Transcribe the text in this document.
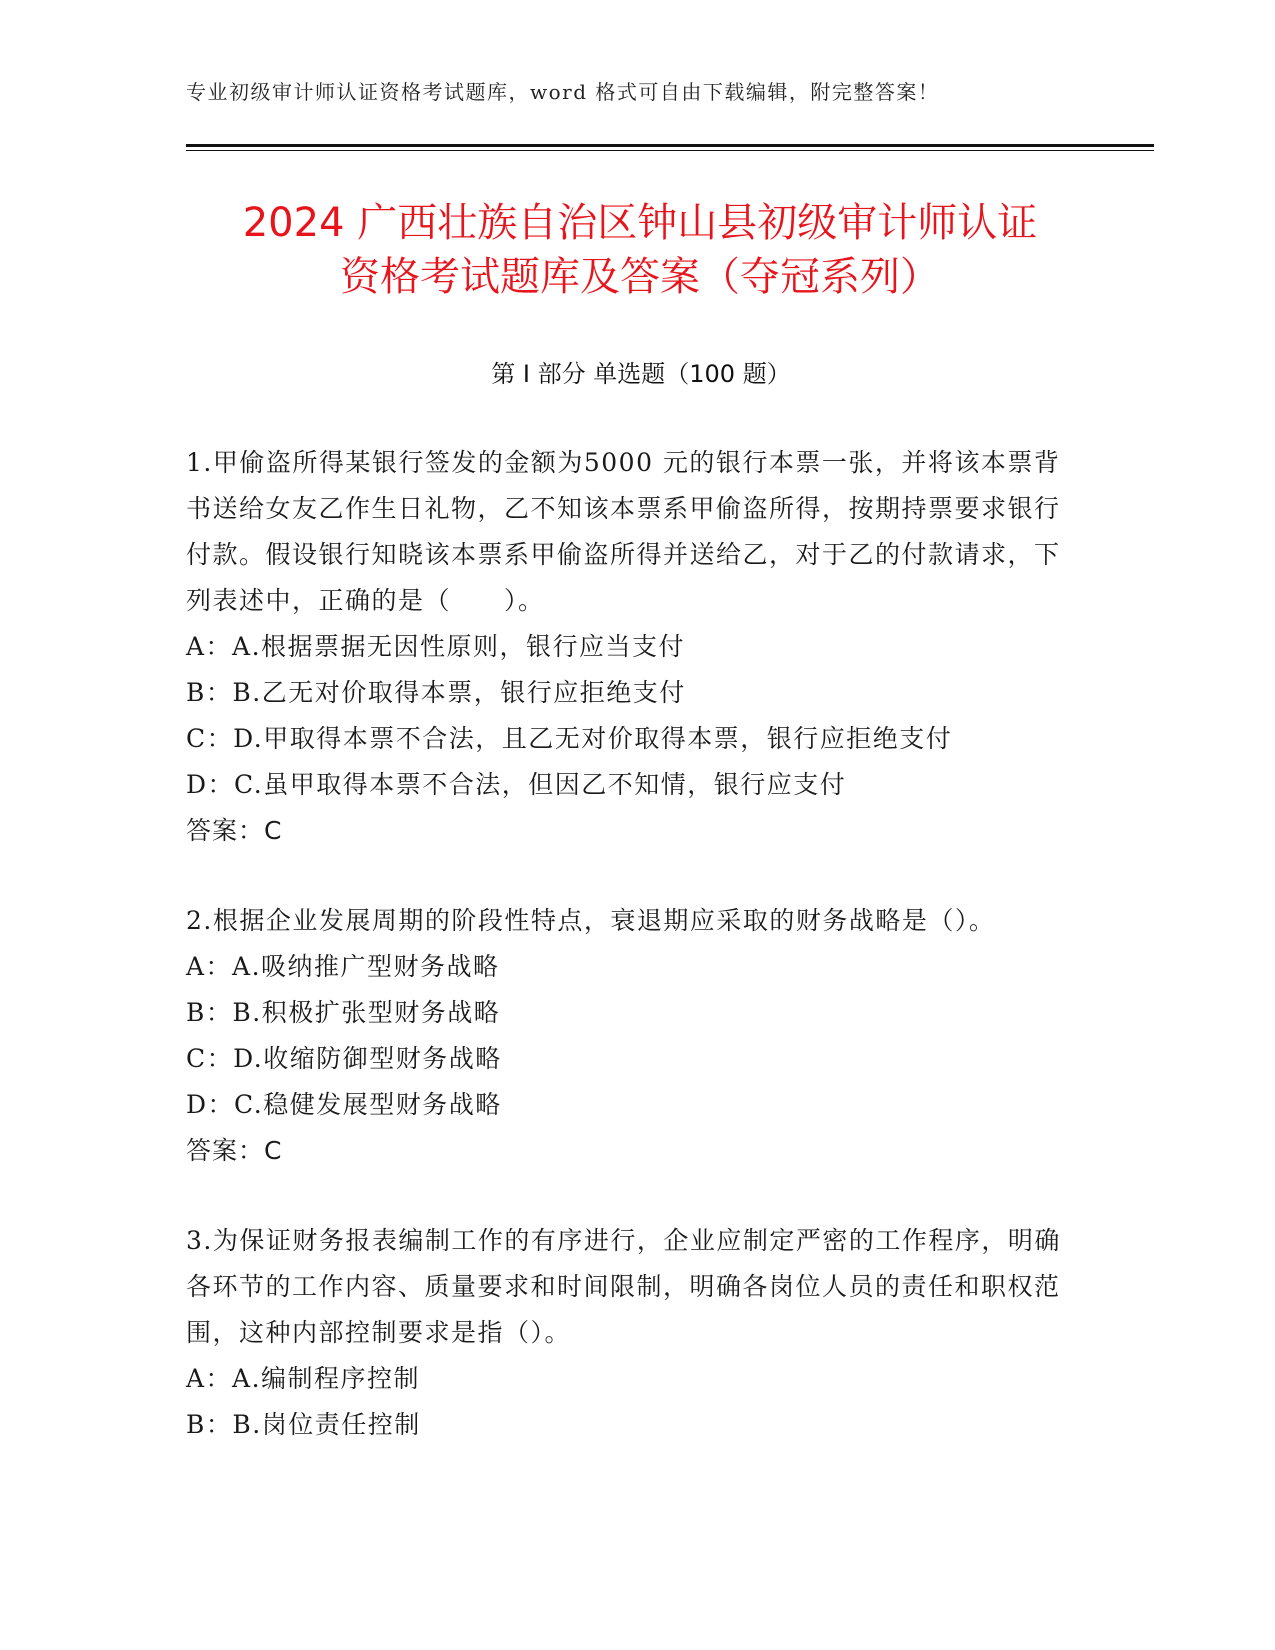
专业初级审计师认证资格考试题库，word 格式可自由下载编辑，附完整答案！
2024 广西壮族自治区钟山县初级审计师认证
资格考试题库及答案（夺冠系列）
第 I 部分 单选题（100 题）

1.甲偷盗所得某银行签发的金额为5000 元的银行本票一张，并将该本票背书送给女友乙作生日礼物，乙不知该本票系甲偷盗所得，按期持票要求银行付款。假设银行知晓该本票系甲偷盗所得并送给乙，对于乙的付款请求，下列表述中，正确的是（　　）。

A：A.根据票据无因性原则，银行应当支付

B：B.乙无对价取得本票，银行应拒绝支付

C：D.甲取得本票不合法，且乙无对价取得本票，银行应拒绝支付

D：C.虽甲取得本票不合法，但因乙不知情，银行应支付

答案：C

2.根据企业发展周期的阶段性特点，衰退期应采取的财务战略是（）。

A：A.吸纳推广型财务战略

B：B.积极扩张型财务战略

C：D.收缩防御型财务战略

D：C.稳健发展型财务战略

答案：C

3.为保证财务报表编制工作的有序进行，企业应制定严密的工作程序，明确各环节的工作内容、质量要求和时间限制，明确各岗位人员的责任和职权范围，这种内部控制要求是指（）。

A：A.编制程序控制

B：B.岗位责任控制
